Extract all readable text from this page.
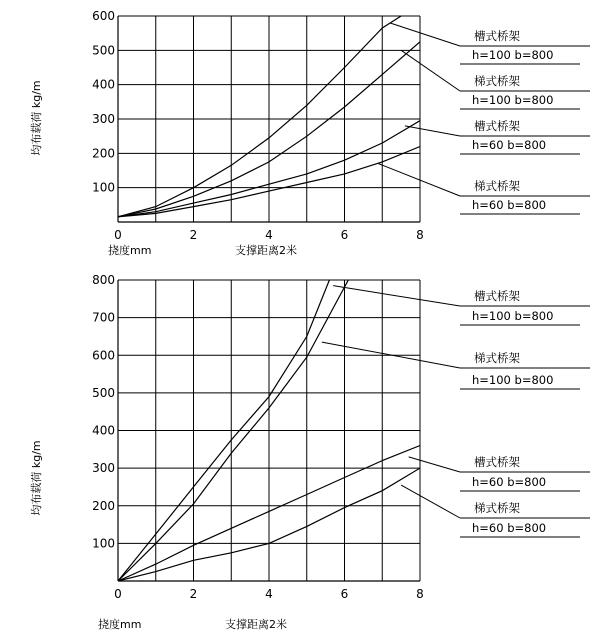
100
200
300
400
500
600
0	2	4	6	8
均布载荷 kg/m
挠度mm	支撑距离2米
槽式桥架
h=100 b=800
梯式桥架
h=100 b=800
槽式桥架
h=60 b=800
梯式桥架
h=60 b=800
100
200
300
400
500
600
700
800
0	2	4	6	8
均布载荷 kg/m
挠度mm	支撑距离2米
槽式桥架
h=100 b=800
梯式桥架
h=100 b=800
槽式桥架
h=60 b=800
梯式桥架
h=60 b=800
